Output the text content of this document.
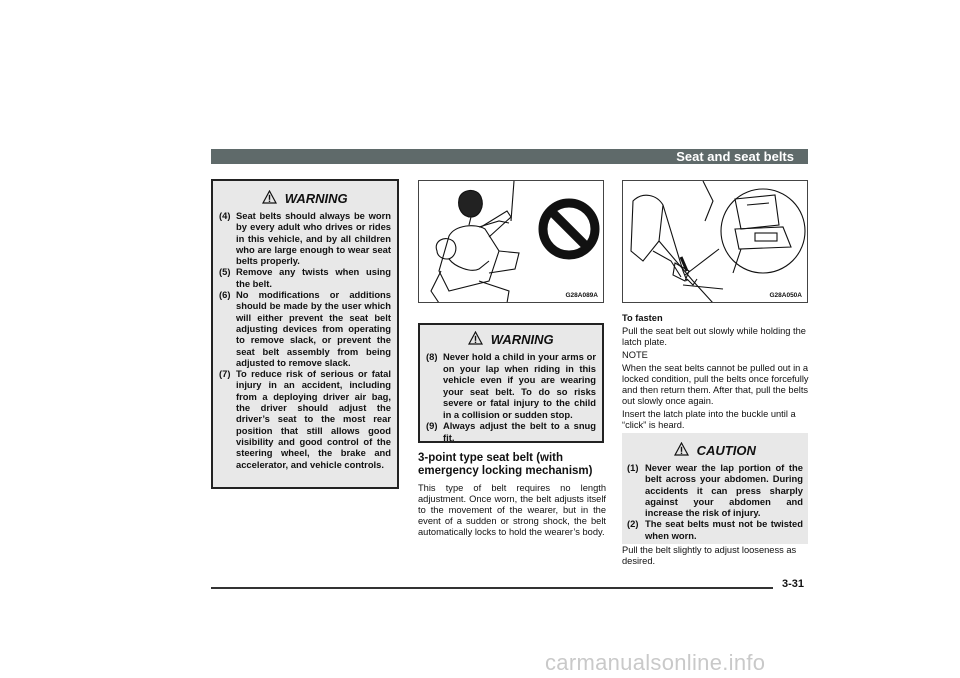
Seat and seat belts
WARNING
(4) Seat belts should always be worn by every adult who drives or rides in this vehicle, and by all children who are large enough to wear seat belts properly.
(5) Remove any twists when using the belt.
(6) No modifications or additions should be made by the user which will either prevent the seat belt adjusting devices from operating to remove slack, or prevent the seat belt assembly from being adjusted to remove slack.
(7) To reduce risk of serious or fatal injury in an accident, including from a deploying driver air bag, the driver should adjust the driver’s seat to the most rear position that still allows good visibility and good control of the steering wheel, the brake and accelerator, and vehicle controls.
G28A089A	G28A050A
WARNING
(8) Never hold a child in your arms or on your lap when riding in this vehicle even if you are wearing your seat belt. To do so risks severe or fatal injury to the child in a collision or sudden stop.
(9) Always adjust the belt to a snug fit.
3-point type seat belt (with emergency locking mechanism)
This type of belt requires no length adjustment. Once worn, the belt adjusts itself to the movement of the wearer, but in the event of a sudden or strong shock, the belt automatically locks to hold the wearer’s body.

To fasten

Pull the seat belt out slowly while holding the latch plate.

NOTE

When the seat belts cannot be pulled out in a locked condition, pull the belts once forcefully and then return them. After that, pull the belts out slowly once again.

Insert the latch plate into the buckle until a “click” is heard.

CAUTION
(1) Never wear the lap portion of the belt across your abdomen. During accidents it can press sharply against your abdomen and increase the risk of injury.
(2) The seat belts must not be twisted when worn.
Pull the belt slightly to adjust looseness as desired.
3-31
carmanualsonline.info
